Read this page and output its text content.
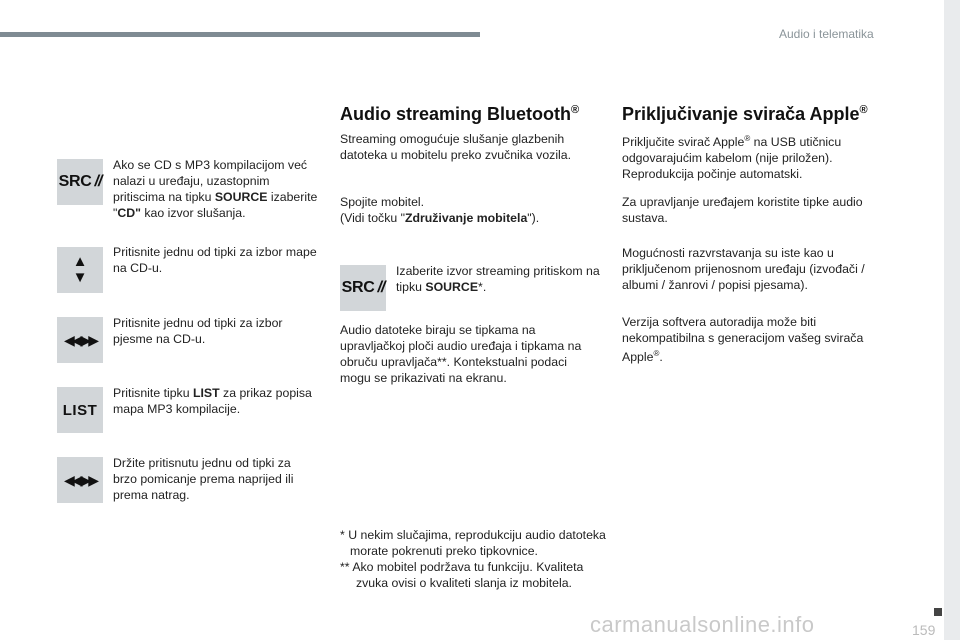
Audio i telematika
SRC //
Ako se CD s MP3 kompilacijom već nalazi u uređaju, uzastopnim pritiscima na tipku SOURCE izaberite "CD" kao izvor slušanja.
▲
▼
Pritisnite jednu od tipki za izbor mape na CD-u.
◀◀ ▶▶
Pritisnite jednu od tipki za izbor pjesme na CD-u.
LIST
Pritisnite tipku LIST za prikaz popisa mapa MP3 kompilacije.
◀◀ ▶▶
Držite pritisnutu jednu od tipki za brzo pomicanje prema naprijed ili prema natrag.
Audio streaming Bluetooth®
Streaming omogućuje slušanje glazbenih datoteka u mobitelu preko zvučnika vozila.
Spojite mobitel.
(Vidi točku "Združivanje mobitela").
SRC //
Izaberite izvor streaming pritiskom na tipku SOURCE*.
Audio datoteke biraju se tipkama na upravljačkoj ploči audio uređaja i tipkama na obruču upravljača**. Kontekstualni podaci mogu se prikazivati na ekranu.
* U nekim slučajima, reprodukciju audio datoteka morate pokrenuti preko tipkovnice.
** Ako mobitel podržava tu funkciju. Kvaliteta zvuka ovisi o kvaliteti slanja iz mobitela.
Priključivanje svirača Apple®
Priključite svirač Apple® na USB utičnicu odgovarajućim kabelom (nije priložen). Reprodukcija počinje automatski.
Za upravljanje uređajem koristite tipke audio sustava.
Mogućnosti razvrstavanja su iste kao u priključenom prijenosnom uređaju (izvođači / albumi / žanrovi / popisi pjesama).
Verzija softvera autoradija može biti nekompatibilna s generacijom vašeg svirača Apple®.
carmanualsonline.info	159
